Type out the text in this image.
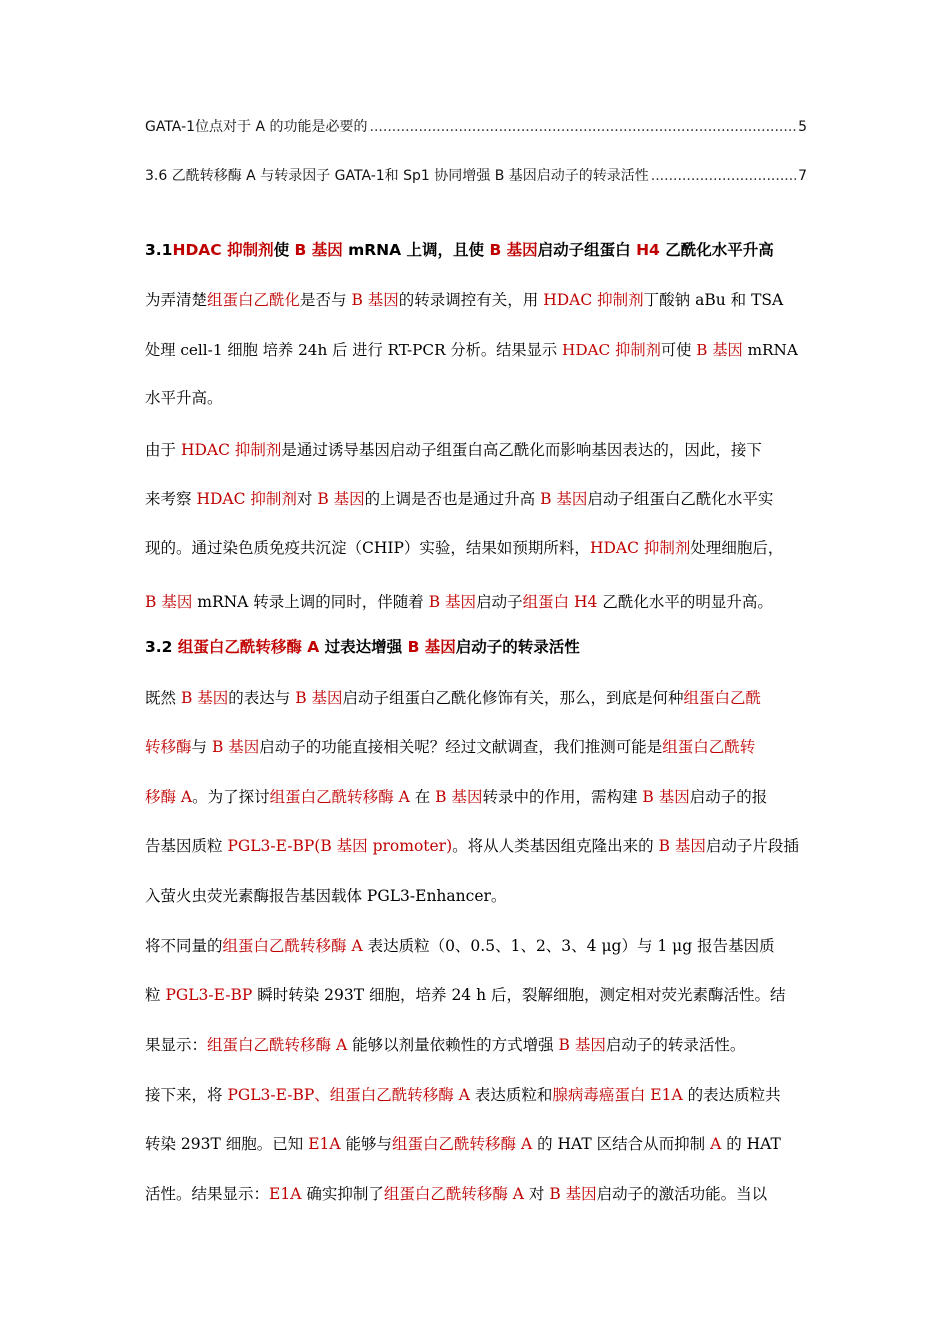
GATA-1位点对于 A 的功能是必要的 .....	5
3.6 乙酰转移酶 A 与转录因子 GATA-1和 Sp1 协同增强 B 基因启动子的转录活性 .....	7
3.1HDAC 抑制剂使 B 基因 mRNA 上调，且使 B 基因启动子组蛋白 H4 乙酰化水平升高
为弄清楚组蛋白乙酰化是否与 B 基因的转录调控有关，用 HDAC 抑制剂丁酸钠 aBu 和 TSA
处理 cell-1 细胞 培养 24h 后 进行 RT-PCR 分析。结果显示 HDAC 抑制剂可使 B 基因 mRNA
水平升高。
由于 HDAC 抑制剂是通过诱导基因启动子组蛋白高乙酰化而影响基因表达的，因此，接下
来考察 HDAC 抑制剂对 B 基因的上调是否也是通过升高 B 基因启动子组蛋白乙酰化水平实
现的。通过染色质免疫共沉淀（CHIP）实验，结果如预期所料，HDAC 抑制剂处理细胞后，
B 基因 mRNA 转录上调的同时，伴随着 B 基因启动子组蛋白 H4 乙酰化水平的明显升高。
3.2 组蛋白乙酰转移酶 A 过表达增强 B 基因启动子的转录活性
既然 B 基因的表达与 B 基因启动子组蛋白乙酰化修饰有关，那么，到底是何种组蛋白乙酰
转移酶与 B 基因启动子的功能直接相关呢？经过文献调查，我们推测可能是组蛋白乙酰转
移酶 A。为了探讨组蛋白乙酰转移酶 A 在 B 基因转录中的作用，需构建 B 基因启动子的报
告基因质粒 PGL3-E-BP(B 基因 promoter)。将从人类基因组克隆出来的 B 基因启动子片段插
入萤火虫荧光素酶报告基因载体 PGL3-Enhancer。
将不同量的组蛋白乙酰转移酶 A 表达质粒（0、0.5、1、2、3、4 μg）与 1 μg 报告基因质
粒 PGL3-E-BP 瞬时转染 293T 细胞，培养 24 h 后，裂解细胞，测定相对荧光素酶活性。结
果显示：组蛋白乙酰转移酶 A 能够以剂量依赖性的方式增强 B 基因启动子的转录活性。
接下来，将 PGL3-E-BP、组蛋白乙酰转移酶 A 表达质粒和腺病毒癌蛋白 E1A 的表达质粒共
转染 293T 细胞。已知 E1A 能够与组蛋白乙酰转移酶 A 的 HAT 区结合从而抑制 A 的 HAT
活性。结果显示：E1A 确实抑制了组蛋白乙酰转移酶 A 对 B 基因启动子的激活功能。当以
